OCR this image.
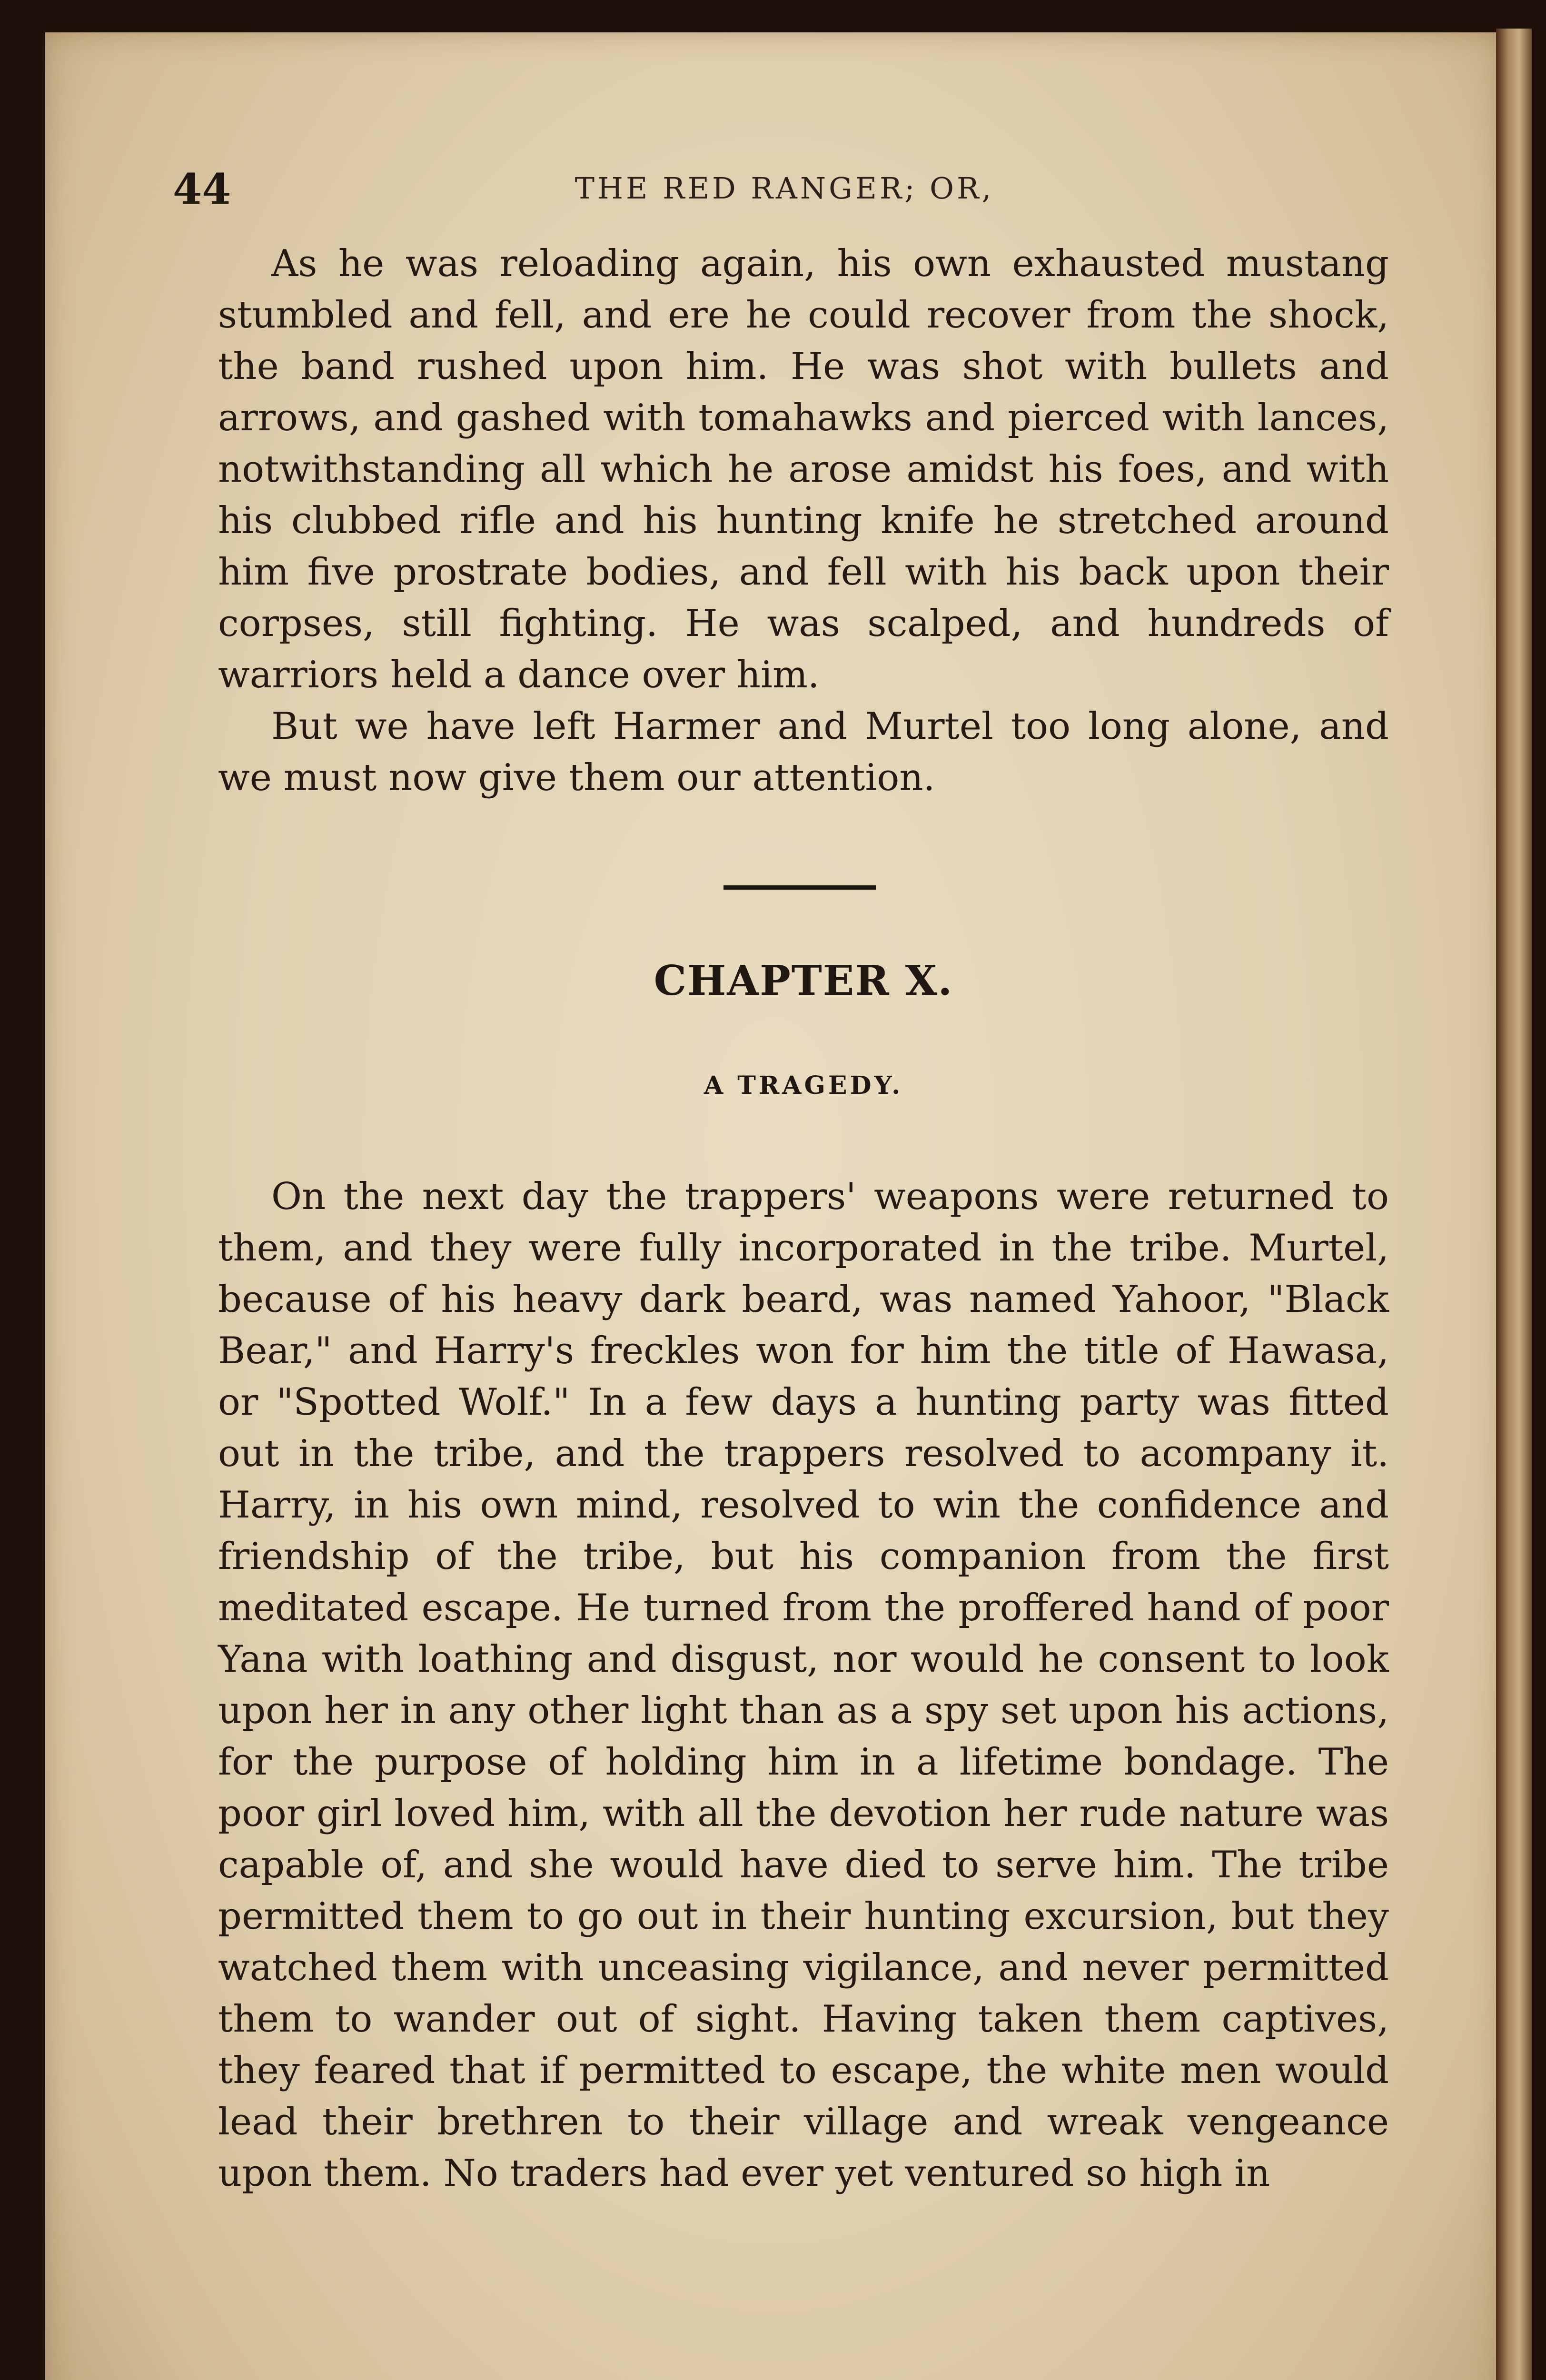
44	THE RED RANGER; OR,

As he was reloading again, his own exhausted mustang stumbled and fell, and ere he could recover from the shock, the band rushed upon him. He was shot with bullets and arrows, and gashed with tomahawks and pierced with lances, notwithstanding all which he arose amidst his foes, and with his clubbed rifle and his hunting knife he stretched around him five prostrate bodies, and fell with his back upon their corpses, still fighting. He was scalped, and hundreds of warriors held a dance over him.

But we have left Harmer and Murtel too long alone, and we must now give them our attention.

CHAPTER X.
A TRAGEDY.

On the next day the trappers' weapons were returned to them, and they were fully incorporated in the tribe. Murtel, because of his heavy dark beard, was named Yahoor, "Black Bear," and Harry's freckles won for him the title of Hawasa, or "Spotted Wolf." In a few days a hunting party was fitted out in the tribe, and the trappers resolved to acompany it. Harry, in his own mind, resolved to win the confidence and friendship of the tribe, but his companion from the first meditated escape. He turned from the proffered hand of poor Yana with loathing and disgust, nor would he consent to look upon her in any other light than as a spy set upon his actions, for the purpose of holding him in a lifetime bondage. The poor girl loved him, with all the devotion her rude nature was capable of, and she would have died to serve him. The tribe permitted them to go out in their hunting excursion, but they watched them with unceasing vigilance, and never permitted them to wander out of sight. Having taken them captives, they feared that if permitted to escape, the white men would lead their brethren to their village and wreak vengeance upon them. No traders had ever yet ventured so high in
